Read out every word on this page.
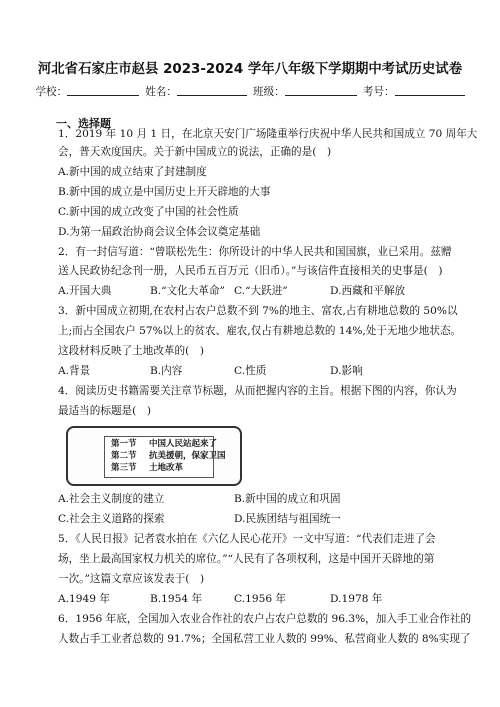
河北省石家庄市赵县 2023-2024 学年八年级下学期期中考试历史试卷
学校：	姓名：	班级：	考号：
一、选择题
1．2019 年 10 月 1 日，在北京天安门广场隆重举行庆祝中华人民共和国成立 70 周年大
会，普天欢度国庆。关于新中国成立的说法，正确的是(　)
A.新中国的成立结束了封建制度
B.新中国的成立是中国历史上开天辟地的大事
C.新中国的成立改变了中国的社会性质
D.为第一届政治协商会议全体会议奠定基础
2．有一封信写道：“曾联松先生：你所设计的中华人民共和国国旗，业已采用。兹赠
送人民政协纪念刊一册，人民币五百万元（旧币）。”与该信件直接相关的史事是(　)
A.开国大典	B.“文化大革命” C.“大跃进”	D.西藏和平解放
3．新中国成立初期,在农村占农户总数不到 7%的地主、富农,占有耕地总数的 50%以
上;而占全国农户 57%以上的贫农、雇农,仅占有耕地总数的 14%,处于无地少地状态。
这段材料反映了土地改革的(　)
A.背景	B.内容	C.性质	D.影响
4．阅读历史书籍需要关注章节标题，从而把握内容的主旨。根据下图的内容，你认为
最适当的标题是(　)
第一节 中国人民站起来了
第二节 抗美援朝，保家卫国
第三节 土地改革
A.社会主义制度的建立	B.新中国的成立和巩固
C.社会主义道路的探索	D.民族团结与祖国统一
5．《人民日报》记者袁水拍在《六亿人民心花开》一文中写道：“代表们走进了会
场，坐上最高国家权力机关的席位。”“人民有了各项权利，这是中国开天辟地的第
一次。”这篇文章应该发表于(　)
A.1949 年	B.1954 年	C.1956 年	D.1978 年
6．1956 年底，全国加入农业合作社的农户占农户总数的 96.3%，加入手工业合作社的
人数占手工业者总数的 91.7%；全国私营工业人数的 99%、私营商业人数的 8%实现了
